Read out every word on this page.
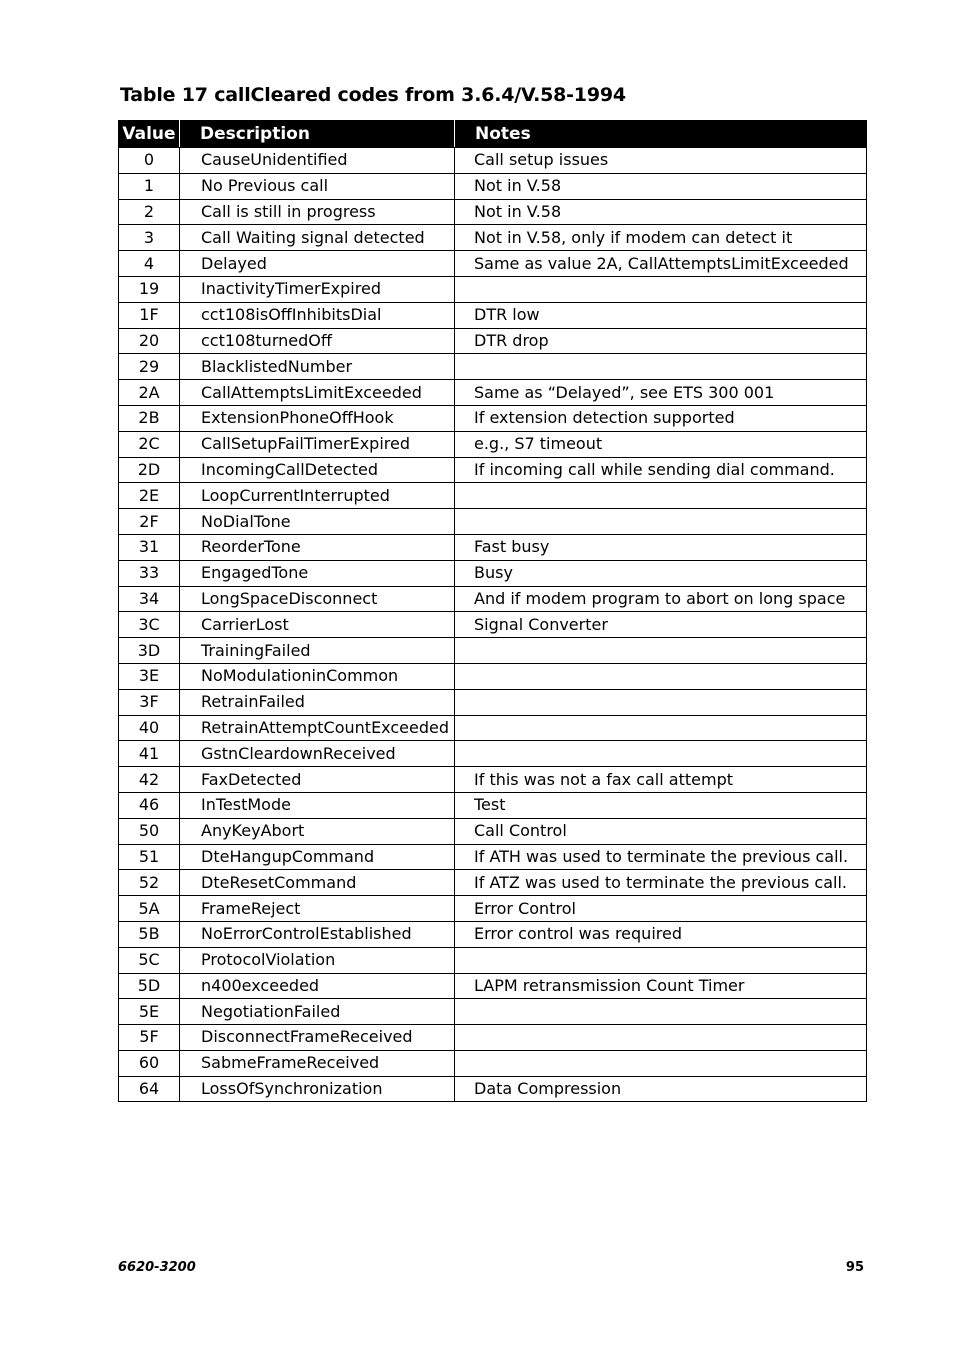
Table 17 callCleared codes from 3.6.4/V.58-1994
Value	Description	Notes
0	CauseUnidentified	Call setup issues
1	No Previous call	Not in V.58
2	Call is still in progress	Not in V.58
3	Call Waiting signal detected	Not in V.58, only if modem can detect it
4	Delayed	Same as value 2A, CallAttemptsLimitExceeded
19	InactivityTimerExpired	
1F	cct108isOffInhibitsDial	DTR low
20	cct108turnedOff	DTR drop
29	BlacklistedNumber	
2A	CallAttemptsLimitExceeded	Same as “Delayed”, see ETS 300 001
2B	ExtensionPhoneOffHook	If extension detection supported
2C	CallSetupFailTimerExpired	e.g., S7 timeout
2D	IncomingCallDetected	If incoming call while sending dial command.
2E	LoopCurrentInterrupted	
2F	NoDialTone	
31	ReorderTone	Fast busy
33	EngagedTone	Busy
34	LongSpaceDisconnect	And if modem program to abort on long space
3C	CarrierLost	Signal Converter
3D	TrainingFailed	
3E	NoModulationinCommon	
3F	RetrainFailed	
40	RetrainAttemptCountExceeded	
41	GstnCleardownReceived	
42	FaxDetected	If this was not a fax call attempt
46	InTestMode	Test
50	AnyKeyAbort	Call Control
51	DteHangupCommand	If ATH was used to terminate the previous call.
52	DteResetCommand	If ATZ was used to terminate the previous call.
5A	FrameReject	Error Control
5B	NoErrorControlEstablished	Error control was required
5C	ProtocolViolation	
5D	n400exceeded	LAPM retransmission Count Timer
5E	NegotiationFailed	
5F	DisconnectFrameReceived	
60	SabmeFrameReceived	
64	LossOfSynchronization	Data Compression
6620-3200	95
